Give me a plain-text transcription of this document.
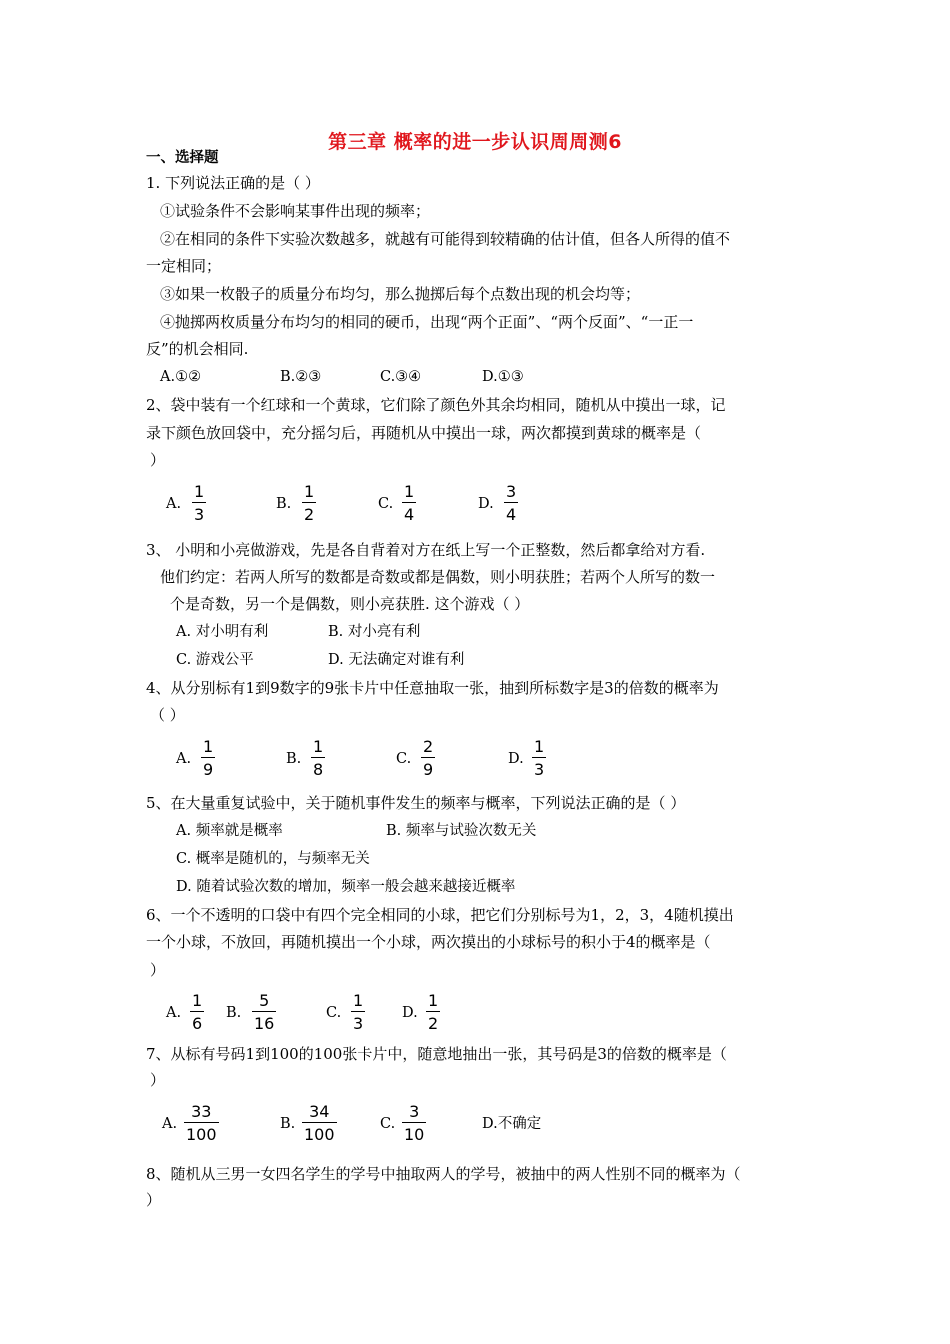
第三章 概率的进一步认识周周测6
一、选择题
1. 下列说法正确的是（ ）
①试验条件不会影响某事件出现的频率；
②在相同的条件下实验次数越多，就越有可能得到较精确的估计值，但各人所得的值不
一定相同；
③如果一枚骰子的质量分布均匀，那么抛掷后每个点数出现的机会均等；
④抛掷两枚质量分布均匀的相同的硬币，出现“两个正面”、“两个反面”、“一正一
反”的机会相同.
A.①②	B.②③	C.③④	D.①③
2、袋中装有一个红球和一个黄球，它们除了颜色外其余均相同，随机从中摸出一球，记
录下颜色放回袋中，充分摇匀后，再随机从中摸出一球，两次都摸到黄球的概率是（
）
A.
1
3
B.
1
2
C.
1
4
D.
3
4
3、 小明和小亮做游戏，先是各自背着对方在纸上写一个正整数，然后都拿给对方看.
他们约定：若两人所写的数都是奇数或都是偶数，则小明获胜；若两个人所写的数一
个是奇数，另一个是偶数，则小亮获胜. 这个游戏（ ）
A. 对小明有利	B. 对小亮有利
C. 游戏公平	D. 无法确定对谁有利
4、从分别标有1到9数字的9张卡片中任意抽取一张，抽到所标数字是3的倍数的概率为
（ ）
A.
1
9
B.
1
8
C.
2
9
D.
1
3
5、在大量重复试验中，关于随机事件发生的频率与概率，下列说法正确的是（ ）
A. 频率就是概率	B. 频率与试验次数无关
C. 概率是随机的，与频率无关
D. 随着试验次数的增加，频率一般会越来越接近概率
6、一个不透明的口袋中有四个完全相同的小球，把它们分别标号为1，2，3，4随机摸出
一个小球，不放回，再随机摸出一个小球，两次摸出的小球标号的积小于4的概率是（
）
A.
1
6
B.
5
16
C.
1
3
D.
1
2
7、从标有号码1到100的100张卡片中，随意地抽出一张，其号码是3的倍数的概率是（
）
A.
33
100
B.
34
100
C.
3
10
D.不确定
8、随机从三男一女四名学生的学号中抽取两人的学号，被抽中的两人性别不同的概率为（
）
